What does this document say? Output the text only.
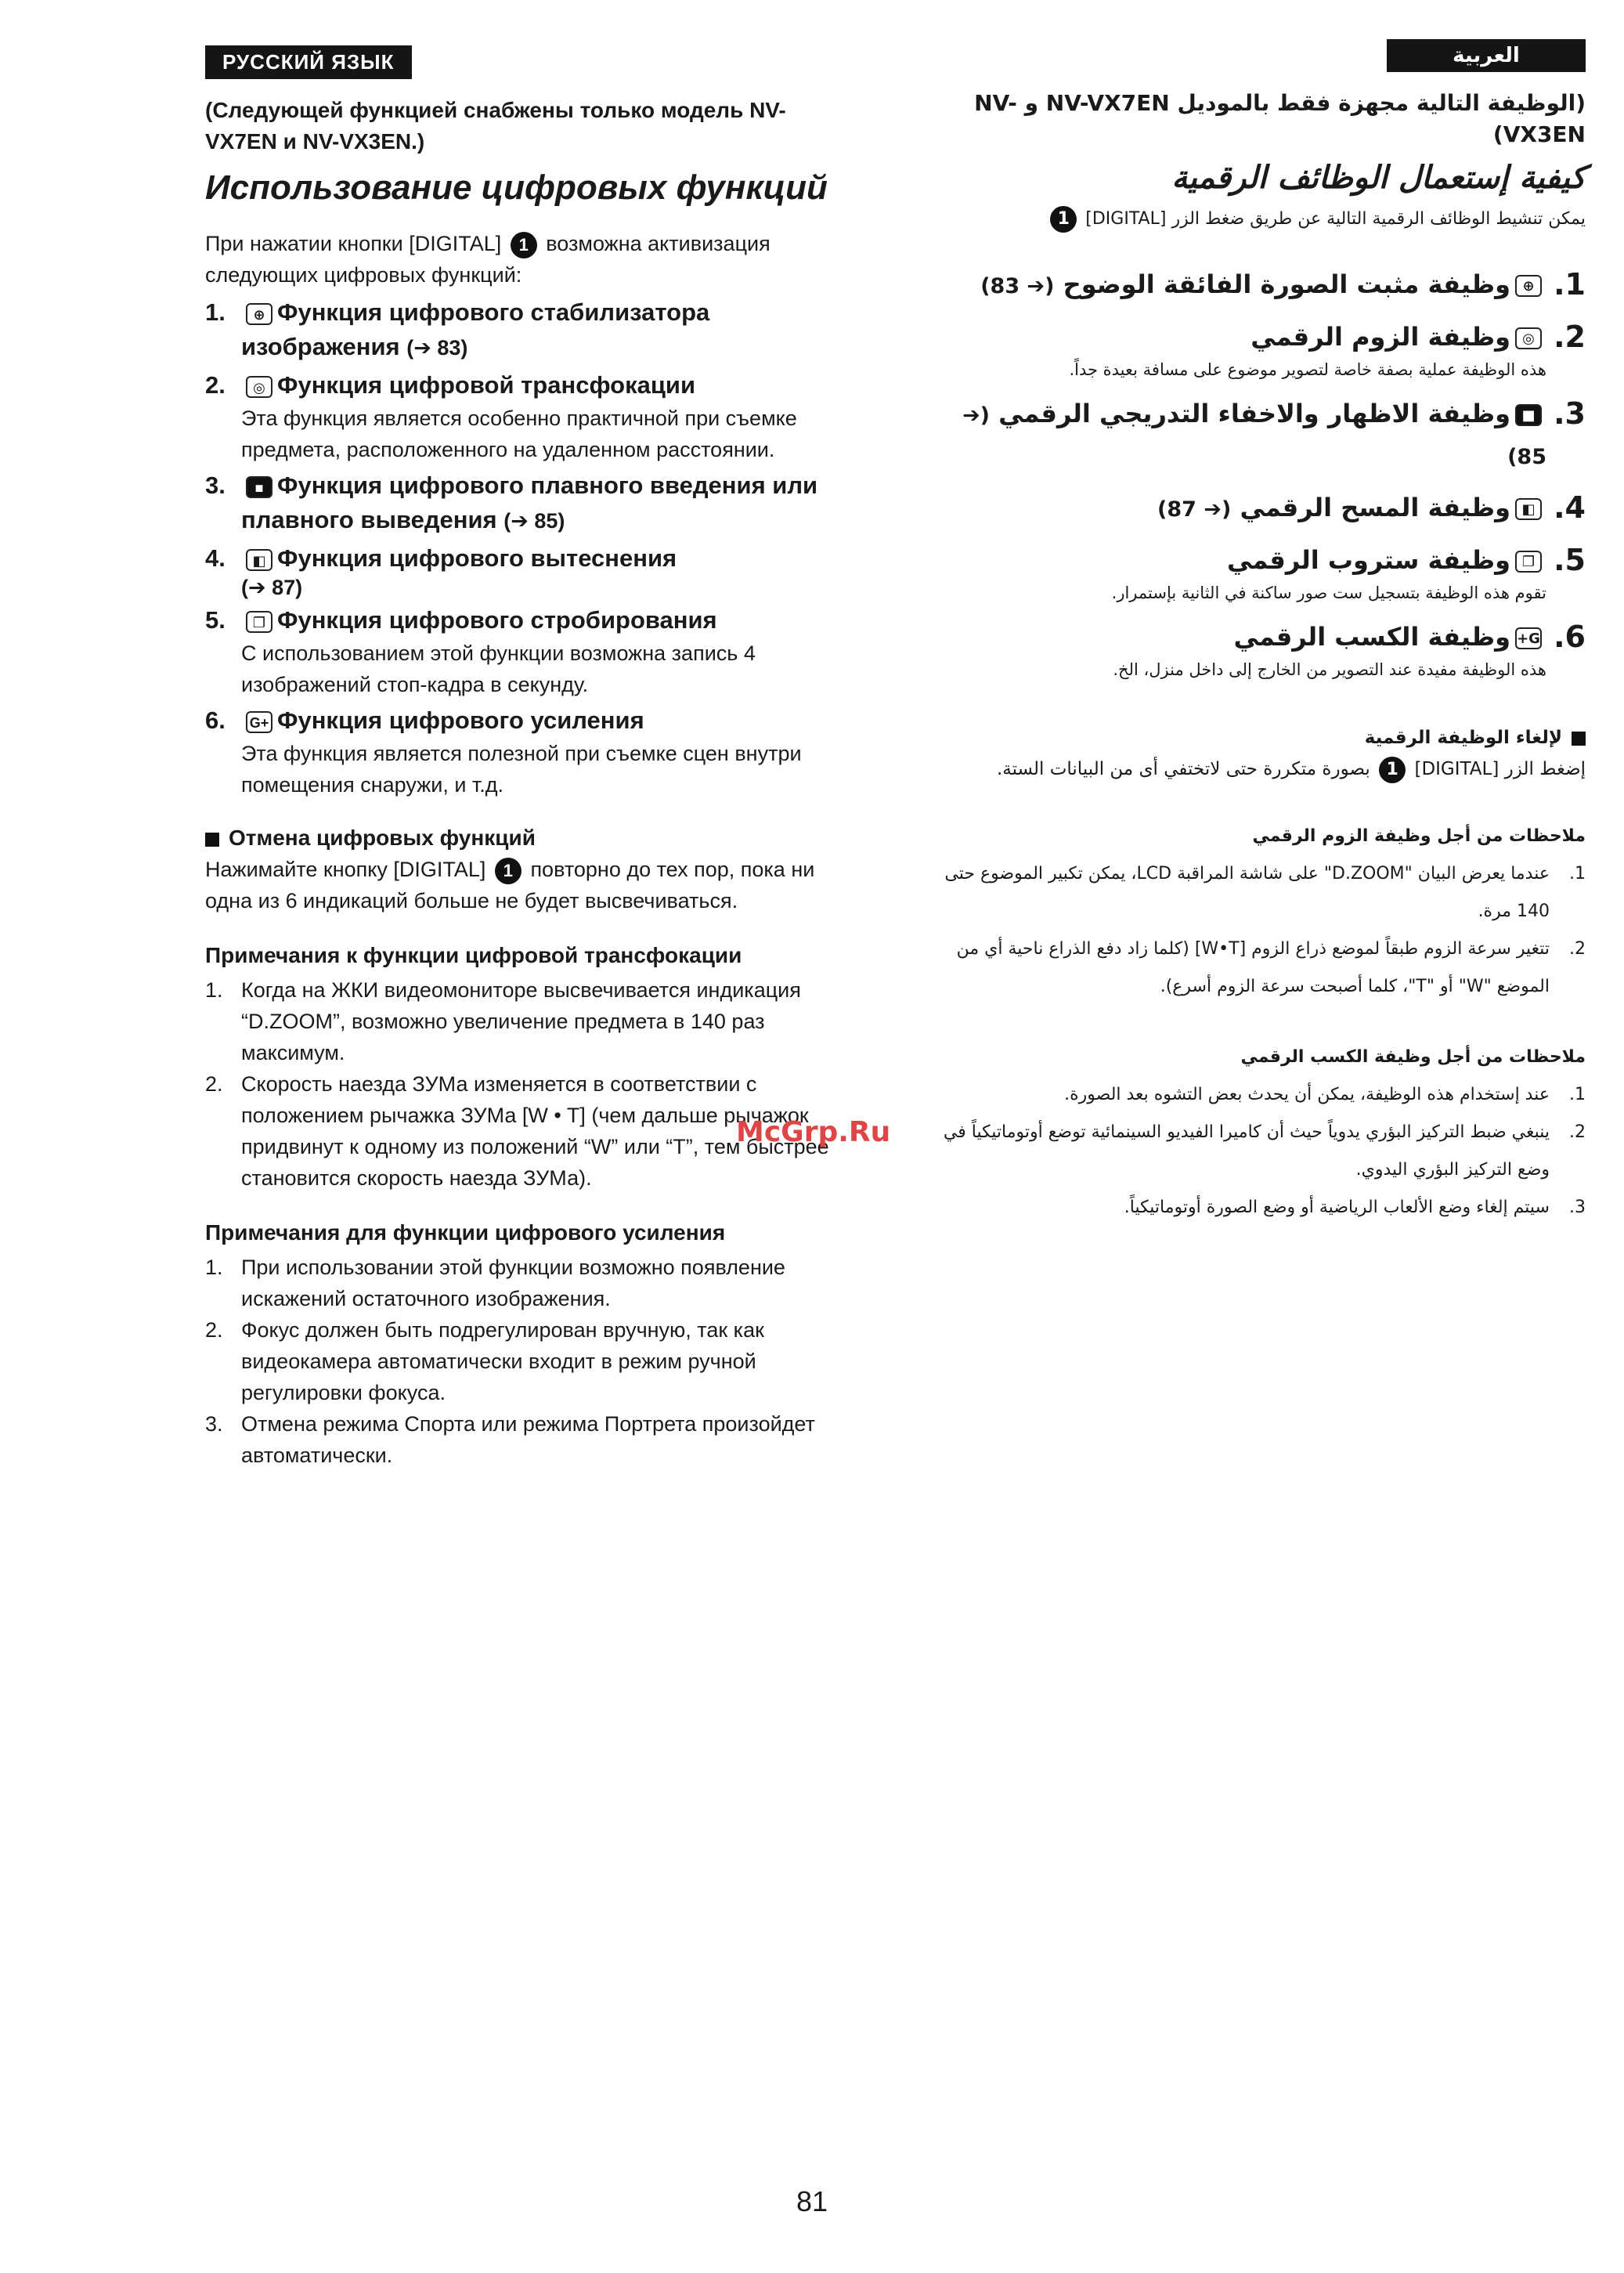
РУССКИЙ ЯЗЫК
(Следующей функцией снабжены только модель NV-VX7EN и NV-VX3EN.)
Использование цифровых функций
При нажатии кнопки [DIGITAL] 1 возможна активизация следующих цифровых функций:
1. ⊕ Функция цифрового стабилизатора изображения (➔ 83)
2. ◎ Функция цифровой трансфокации
Эта функция является особенно практичной при съемке предмета, расположенного на удаленном расстоянии.
3. ■ Функция цифрового плавного введения или плавного выведения (➔ 85)
4. ◧ Функция цифрового вытеснения
(➔ 87)
5. ❐ Функция цифрового стробирования
С использованием этой функции возможна запись 4 изображений стоп-кадра в секунду.
6. G+ Функция цифрового усиления
Эта функция является полезной при съемке сцен внутри помещения снаружи, и т.д.
Отмена цифровых функций
Нажимайте кнопку [DIGITAL] 1 повторно до тех пор, пока ни одна из 6 индикаций больше не будет высвечиваться.
Примечания к функции цифровой трансфокации
1. Когда на ЖКИ видеомониторе высвечивается индикация “D.ZOOM”, возможно увеличение предмета в 140 раз максимум.
2. Скорость наезда ЗУМа изменяется в соответствии с положением рычажка ЗУМа [W • T] (чем дальше рычажок придвинут к одному из положений “W” или “T”, тем быстрее становится скорость наезда ЗУМа).
Примечания для функции цифрового усиления
1. При использовании этой функции возможно появление искажений остаточного изображения.
2. Фокус должен быть подрегулирован вручную, так как видеокамера автоматически входит в режим ручной регулировки фокуса.
3. Отмена режима Спорта или режима Портрета произойдет автоматически.
العربية
(الوظيفة التالية مجهزة فقط بالموديل NV-VX7EN و NV-VX3EN)
كيفية إستعمال الوظائف الرقمية
يمكن تنشيط الوظائف الرقمية التالية عن طريق ضغط الزر [DIGITAL] 1
1.
⊕وظيفة مثبت الصورة الفائقة الوضوح (➔ 83)
2.
◎وظيفة الزوم الرقمي
هذه الوظيفة عملية بصفة خاصة لتصوير موضوع على مسافة بعيدة جداً.
3.
■وظيفة الاظهار والاخفاء التدريجي الرقمي (➔ 85)
4.
◧وظيفة المسح الرقمي (➔ 87)
5.
❐وظيفة ستروب الرقمي
تقوم هذه الوظيفة بتسجيل ست صور ساكنة في الثانية بإستمرار.
6.
G+وظيفة الكسب الرقمي
هذه الوظيفة مفيدة عند التصوير من الخارج إلى داخل منزل، الخ.
لإلغاء الوظيفة الرقمية
إضغط الزر [DIGITAL] 1 بصورة متكررة حتى لاتختفي أى من البيانات الستة.
ملاحظات من أجل وظيفة الزوم الرقمي
1.
عندما يعرض البيان "D.ZOOM" على شاشة المراقبة LCD، يمكن تكبير الموضوع حتى 140 مرة.
2.
تتغير سرعة الزوم طبقاً لموضع ذراع الزوم [W•T] (كلما زاد دفع الذراع ناحية أي من الموضع "W" أو "T"، كلما أصبحت سرعة الزوم أسرع).
ملاحظات من أجل وظيفة الكسب الرقمي
1.
عند إستخدام هذه الوظيفة، يمكن أن يحدث بعض التشوه بعد الصورة.
2.
ينبغي ضبط التركيز البؤري يدوياً حيث أن كاميرا الفيديو السينمائية توضع أوتوماتيكياً في وضع التركيز البؤري اليدوي.
3.
سيتم إلغاء وضع الألعاب الرياضية أو وضع الصورة أوتوماتيكياً.
McGrp.Ru
81
